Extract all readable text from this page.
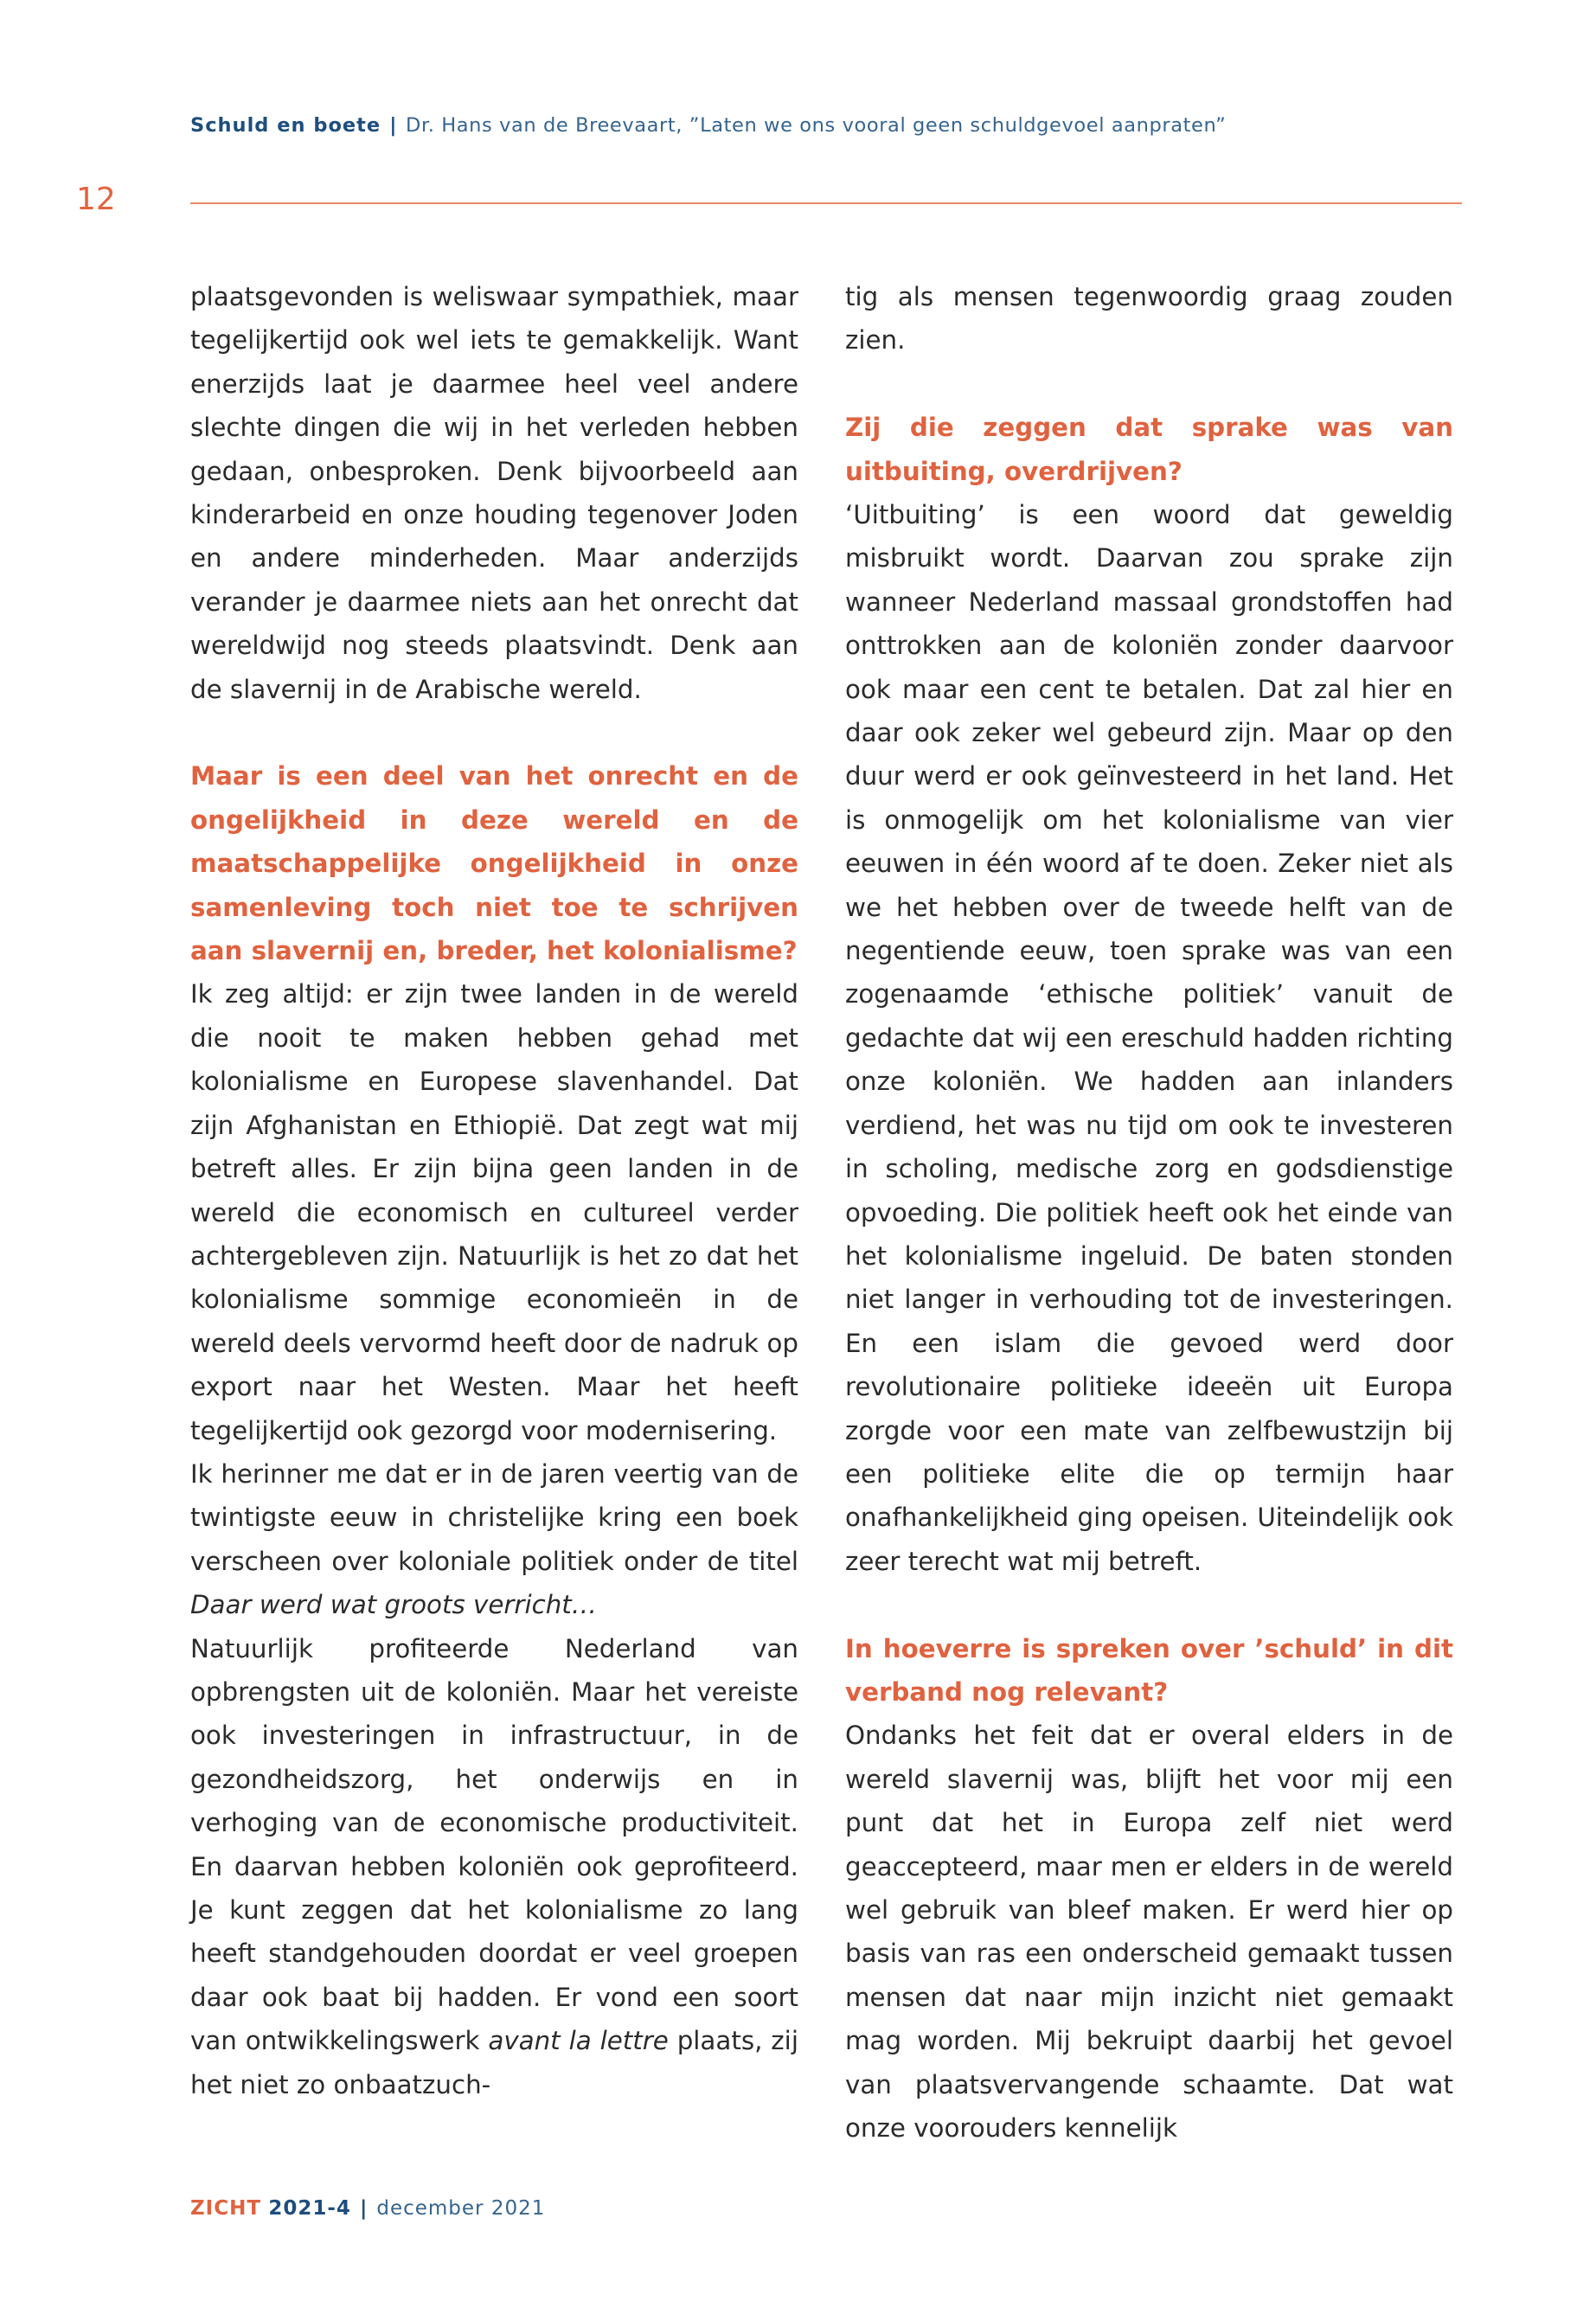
Schuld en boete | Dr. Hans van de Breevaart, ”Laten we ons vooral geen schuldgevoel aanpraten”
12

plaatsgevonden is weliswaar sympathiek, maar tegelijkertijd ook wel iets te gemakkelijk. Want enerzijds laat je daarmee heel veel andere slechte dingen die wij in het verleden hebben gedaan, onbesproken. Denk bijvoorbeeld aan kinderarbeid en onze houding tegenover Joden en andere minderheden. Maar anderzijds verander je daarmee niets aan het onrecht dat wereldwijd nog steeds plaatsvindt. Denk aan de slavernij in de Arabische wereld.

Maar is een deel van het onrecht en de ongelijkheid in deze wereld en de maatschappelijke ongelijkheid in onze samenleving toch niet toe te schrijven aan slavernij en, breder, het kolonialisme?

Ik zeg altijd: er zijn twee landen in de wereld die nooit te maken hebben gehad met kolonialisme en Europese slavenhandel. Dat zijn Afghanistan en Ethiopië. Dat zegt wat mij betreft alles. Er zijn bijna geen landen in de wereld die economisch en cultureel verder achtergebleven zijn. Natuurlijk is het zo dat het kolonialisme sommige economieën in de wereld deels vervormd heeft door de nadruk op export naar het Westen. Maar het heeft tegelijkertijd ook gezorgd voor modernisering.

Ik herinner me dat er in de jaren veertig van de twintigste eeuw in christelijke kring een boek verscheen over koloniale politiek onder de titel Daar werd wat groots verricht…

Natuurlijk profiteerde Nederland van opbrengsten uit de koloniën. Maar het vereiste ook investeringen in infrastructuur, in de gezondheidszorg, het onderwijs en in verhoging van de economische productiviteit. En daarvan hebben koloniën ook geprofiteerd. Je kunt zeggen dat het kolonialisme zo lang heeft standgehouden doordat er veel groepen daar ook baat bij hadden. Er vond een soort van ontwikkelingswerk avant la lettre plaats, zij het niet zo onbaatzuch-

tig als mensen tegenwoordig graag zouden zien.

Zij die zeggen dat sprake was van uitbuiting, overdrijven?

‘Uitbuiting’ is een woord dat geweldig misbruikt wordt. Daarvan zou sprake zijn wanneer Nederland massaal grondstoffen had onttrokken aan de koloniën zonder daarvoor ook maar een cent te betalen. Dat zal hier en daar ook zeker wel gebeurd zijn. Maar op den duur werd er ook geïnvesteerd in het land. Het is onmogelijk om het kolonialisme van vier eeuwen in één woord af te doen. Zeker niet als we het hebben over de tweede helft van de negentiende eeuw, toen sprake was van een zogenaamde ‘ethische politiek’ vanuit de gedachte dat wij een ereschuld hadden richting onze koloniën. We hadden aan inlanders verdiend, het was nu tijd om ook te investeren in scholing, medische zorg en godsdienstige opvoeding. Die politiek heeft ook het einde van het kolonialisme ingeluid. De baten stonden niet langer in verhouding tot de investeringen. En een islam die gevoed werd door revolutionaire politieke ideeën uit Europa zorgde voor een mate van zelfbewustzijn bij een politieke elite die op termijn haar onafhankelijkheid ging opeisen. Uiteindelijk ook zeer terecht wat mij betreft.

In hoeverre is spreken over ’schuld’ in dit verband nog relevant?

Ondanks het feit dat er overal elders in de wereld slavernij was, blijft het voor mij een punt dat het in Europa zelf niet werd geaccepteerd, maar men er elders in de wereld wel gebruik van bleef maken. Er werd hier op basis van ras een onderscheid gemaakt tussen mensen dat naar mijn inzicht niet gemaakt mag worden. Mij bekruipt daarbij het gevoel van plaatsvervangende schaamte. Dat wat onze voorouders kennelijk

ZICHT 2021-4 | december 2021
